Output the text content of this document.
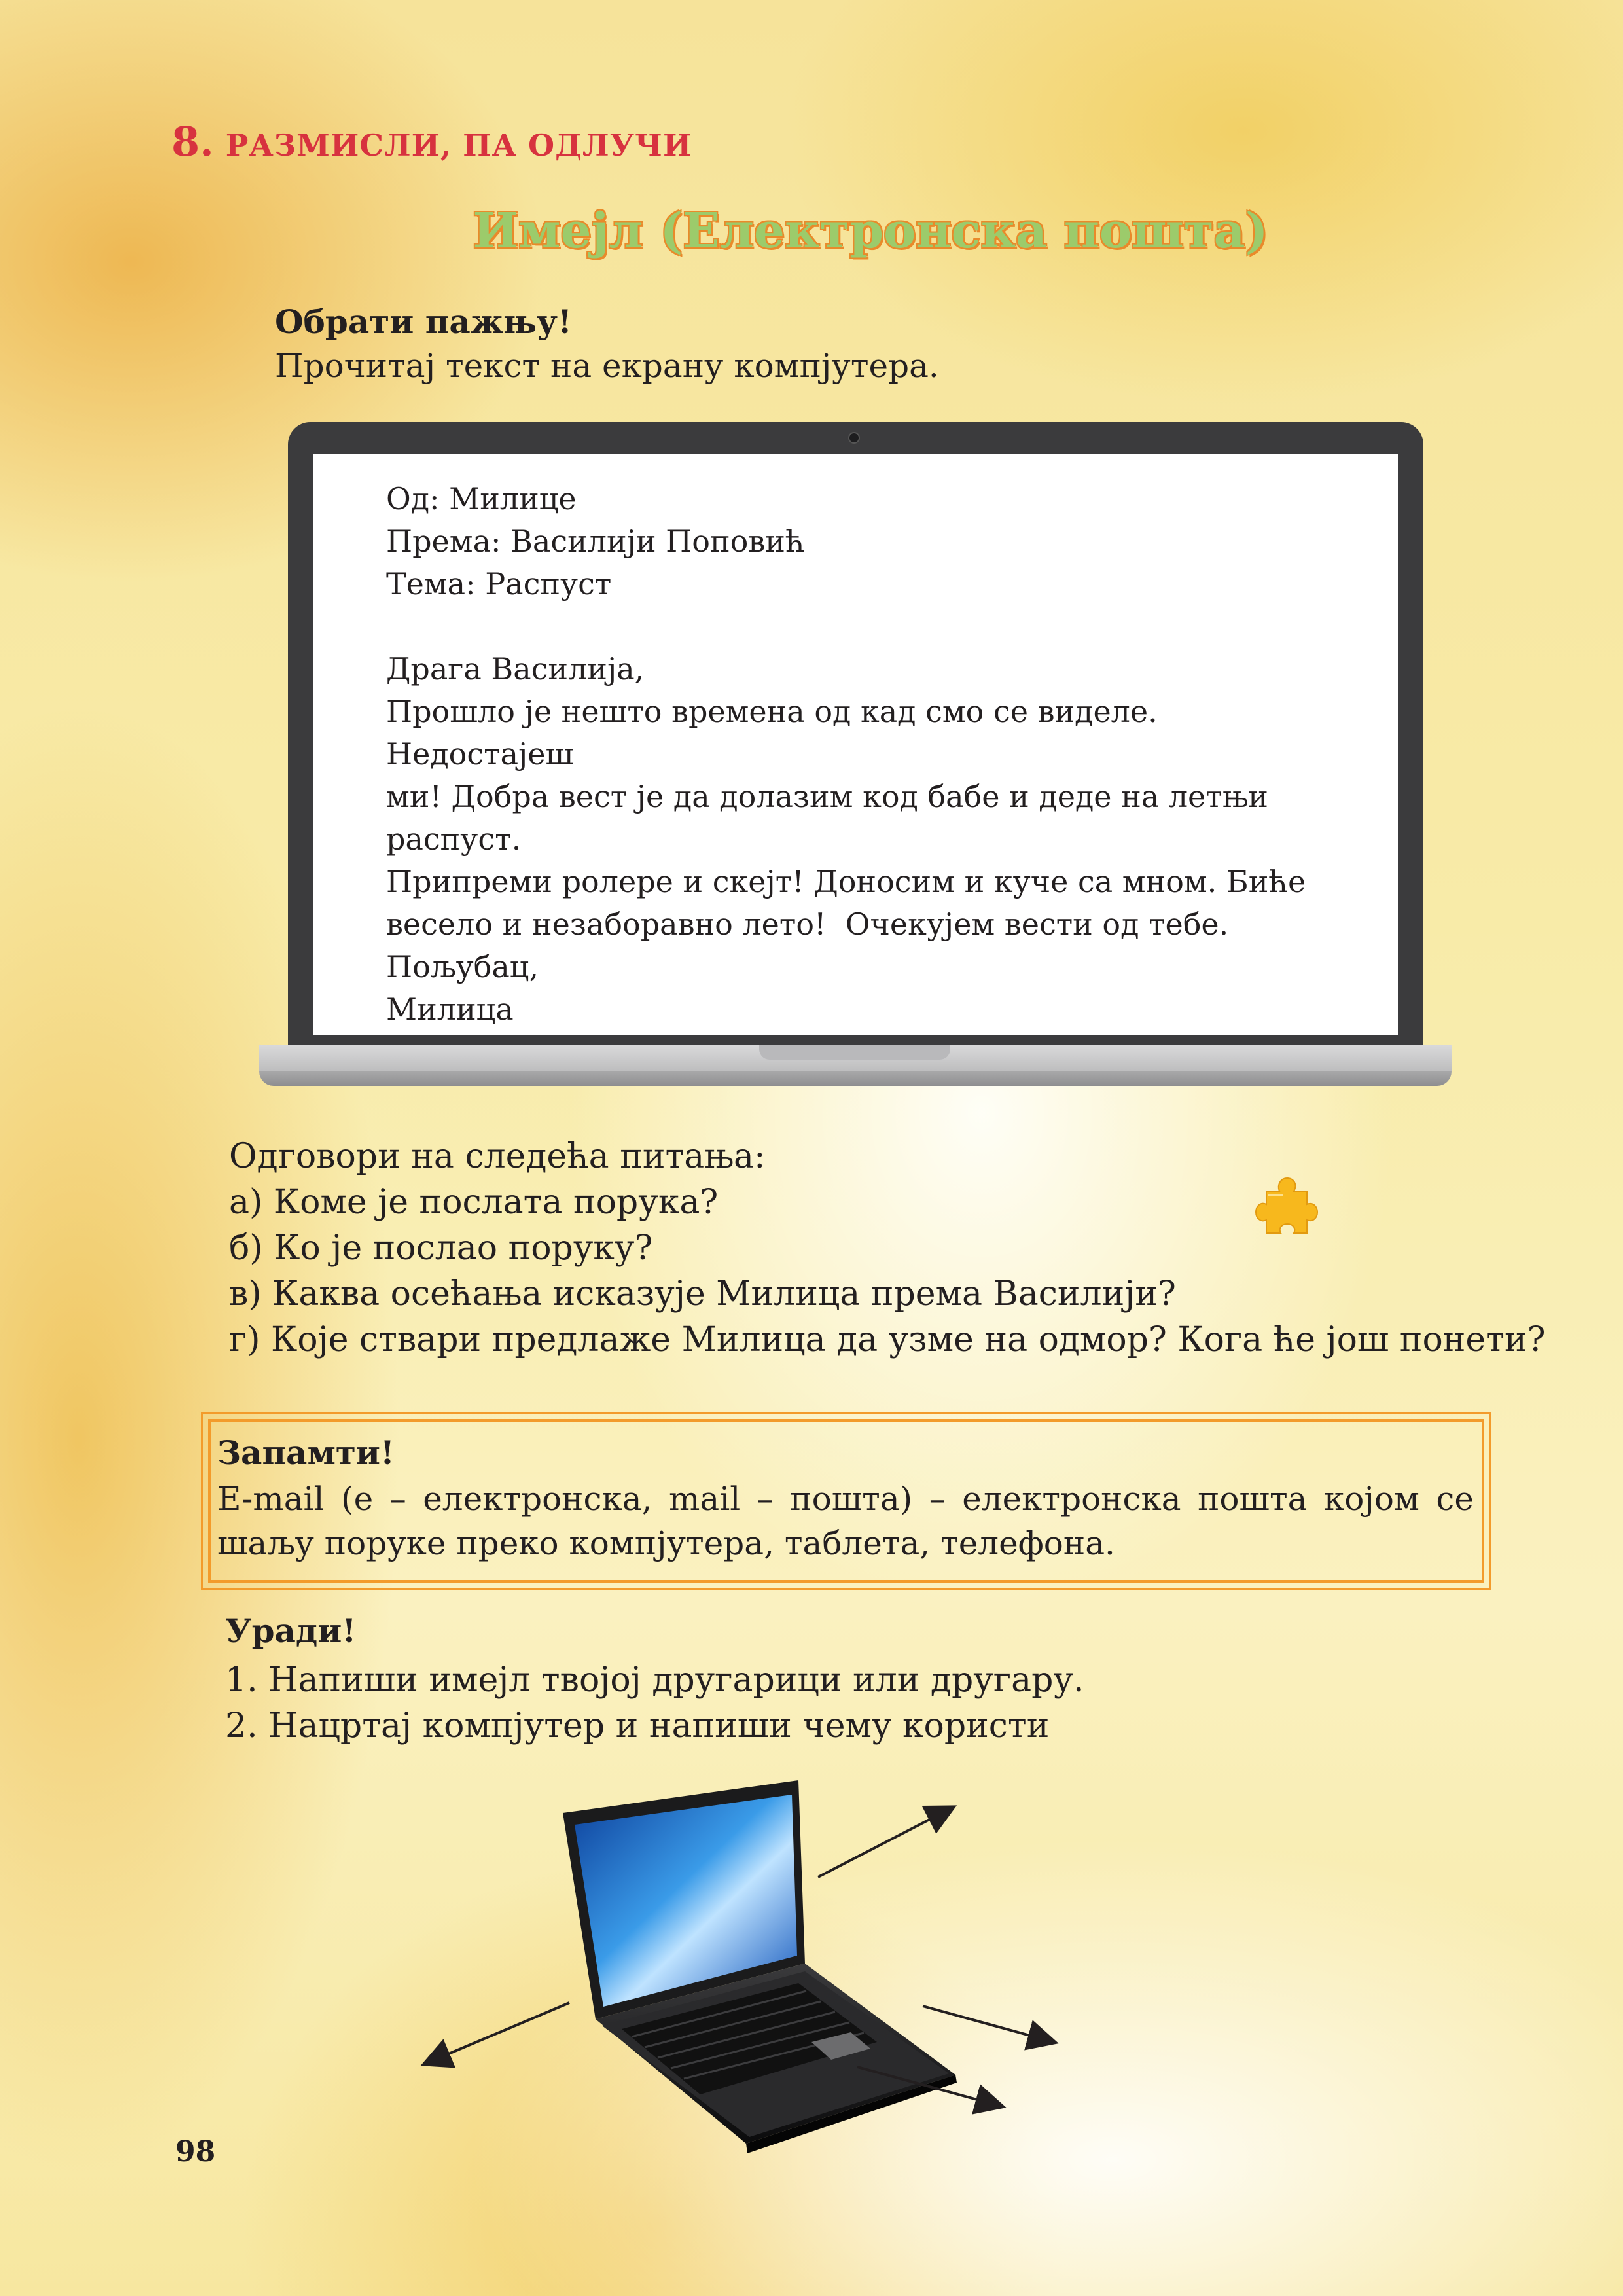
8. РАЗМИСЛИ, ПА ОДЛУЧИ
Имејл (Електронска пошта)
Обрати пажњу!
Прочитај текст на екрану компјутера.
Од: Милице
Према: Василији Поповић
Тема: Распуст
Драга Василија,
Прошло је нешто времена од кад смо се виделе. Недостајеш
ми! Добра вест је да долазим код бабе и деде на летњи
распуст.
Припреми ролере и скејт! Доносим и куче са мном. Биће
весело и незаборавно лето!  Очекујем вести од тебе.
Пољубац,
Милица
Одговори на следећа питања:
а) Коме је послата порука?
б) Ко је послао поруку?
в) Каква осећања исказује Милица према Василији?
г) Које ствари предлаже Милица да узме на одмор? Кога ће још понети?
Запамти!
E-mail (е – електронска, mail – пошта) – електронска пошта којом се шаљу поруке преко компјутера, таблета, телефона.
Уради!
1. Напиши имејл твојој другарици или другару.
2. Нацртај компјутер и напиши чему користи
98
